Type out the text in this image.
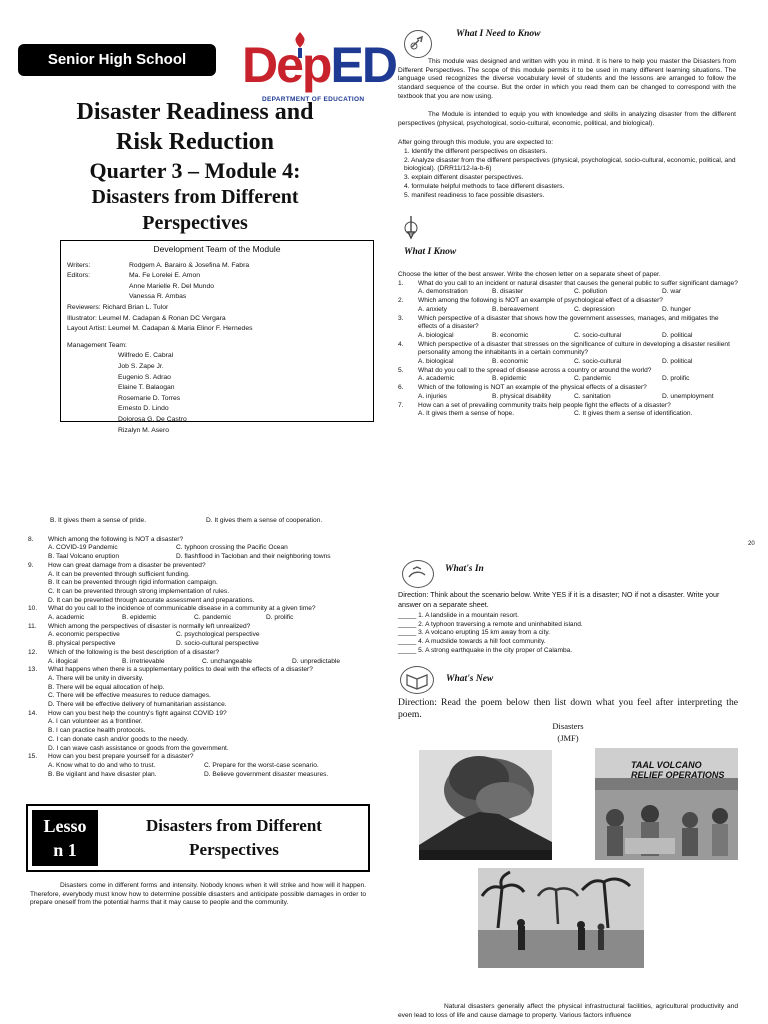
Senior High School	DepED
DEPARTMENT OF EDUCATION
Disaster Readiness and
Risk Reduction
Quarter 3 – Module 4:
Disasters from Different
Perspectives
Development Team of the Module
Writers:	Rodgem A. Barairo & Josefina M. Fabra
Editors:	Ma. Fe Lorelei E. Amon
Anne Marielle R. Del Mundo
Vanessa R. Ambas
Reviewers: Richard Brian L. Tulor
Illustrator: Leumel M. Cadapan & Ronan DC Vergara
Layout Artist: Leumel M. Cadapan & Maria Elinor F. Hernedes
Management Team:
Wilfredo E. Cabral
Job S. Zape Jr.
Eugenio S. Adrao
Elaine T. Balaogan
Rosemarie D. Torres
Ernesto D. Lindo
Dolorosa G. De Castro
Rizalyn M. Asero
What I Need to Know
This module was designed and written with you in mind. It is here to help you master the Disasters from Different Perspectives. The scope of this module permits it to be used in many different learning situations. The language used recognizes the diverse vocabulary level of students and the lessons are arranged to follow the standard sequence of the course. But the order in which you read them can be changed to correspond with the textbook that you are now using.
The Module is intended to equip you with knowledge and skills in analyzing disaster from the different perspectives (physical, psychological, socio-cultural, economic, political, and biological).
After going through this module, you are expected to:
1. Identify the different perspectives on disasters.
2. Analyze disaster from the different perspectives (physical, psychological, socio-cultural, economic, political, and biological). (DRR11/12-Ia-b-6)
3. explain different disaster perspectives.
4. formulate helpful methods to face different disasters.
5. manifest readiness to face possible disasters.
What I Know
Choose the letter of the best answer. Write the chosen letter on a separate sheet of paper.
1.	What do you call to an incident or natural disaster that causes the general public to suffer significant damage?
A. demonstration	B. disaster	C. pollution	D. war
2.	Which among the following is NOT an example of psychological effect of a disaster?
A. anxiety	B. bereavement	C. depression	D. hunger
3.	Which perspective of a disaster that shows how the government assesses, manages, and mitigates the effects of a disaster?
A. biological	B. economic	C. socio-cultural	D. political
4.	Which perspective of a disaster that stresses on the significance of culture in developing a disaster resilient personality among the inhabitants in a certain community?
A. biological	B. economic	C. socio-cultural	D. political
5.	What do you call to the spread of disease across a country or around the world?
A. academic	B. epidemic	C. pandemic	D. prolific
6.	Which of the following is NOT an example of the physical effects of a disaster?
A. injuries	B. physical disability	C. sanitation	D. unemployment
7.	How can a set of prevailing community traits help people fight the effects of a disaster?
A. It gives them a sense of hope.	C. It gives them a sense of identification.
B. It gives them a sense of pride.	D. It gives them a sense of cooperation.
8.	Which among the following is NOT a disaster?
A. COVID-19 Pandemic	C. typhoon crossing the Pacific Ocean
B. Taal Volcano eruption	D. flashflood in Tacloban and their neighboring towns
9.	How can great damage from a disaster be prevented?
A. It can be prevented through sufficient funding.
B. It can be prevented through rigid information campaign.
C. It can be prevented through strong implementation of rules.
D. It can be prevented through accurate assessment and preparations.
10.	What do you call to the incidence of communicable disease in a community at a given time?
A. academic	B. epidemic	C. pandemic	D. prolific
11.	Which among the perspectives of disaster is normally left unrealized?
A. economic perspective	C. psychological perspective
B. physical perspective	D. socio-cultural perspective
12.	Which of the following is the best description of a disaster?
A. illogical	B. irretrievable	C. unchangeable	D. unpredictable
13.	What happens when there is a supplementary politics to deal with the effects of a disaster?
A. There will be unity in diversity.
B. There will be equal allocation of help.
C. There will be effective measures to reduce damages.
D. There will be effective delivery of humanitarian assistance.
14.	How can you best help the country's fight against COVID 19?
A. I can volunteer as a frontliner.
B. I can practice health protocols.
C. I can donate cash and/or goods to the needy.
D. I can wave cash assistance or goods from the government.
15.	How can you best prepare yourself for a disaster?
A. Know what to do and who to trust.	C. Prepare for the worst-case scenario.
B. Be vigilant and have disaster plan.	D. Believe government disaster measures.
Lesso
n 1
Disasters from Different
Perspectives
Disasters come in different forms and intensity. Nobody knows when it will strike and how will it happen. Therefore, everybody must know how to determine possible disasters and anticipate possible damages in order to prepare oneself from the potential harms that it may cause to people and the community.
20
What's In
Direction: Think about the scenario below. Write YES if it is a disaster; NO if not a disaster. Write your answer on a separate sheet.
_____ 1. A landslide in a mountain resort.
_____ 2. A typhoon traversing a remote and uninhabited island.
_____ 3. A volcano erupting 15 km away from a city.
_____ 4. A mudslide towards a hill foot community.
_____ 5. A strong earthquake in the city proper of Calamba.
What's New
Direction: Read the poem below then list down what you feel after interpreting the poem.
Disasters
(JMF)
TAAL VOLCANO
RELIEF OPERATIONS
Natural disasters generally affect the physical infrastructural facilities, agricultural productivity and even lead to loss of life and cause damage to property. Various factors influence
